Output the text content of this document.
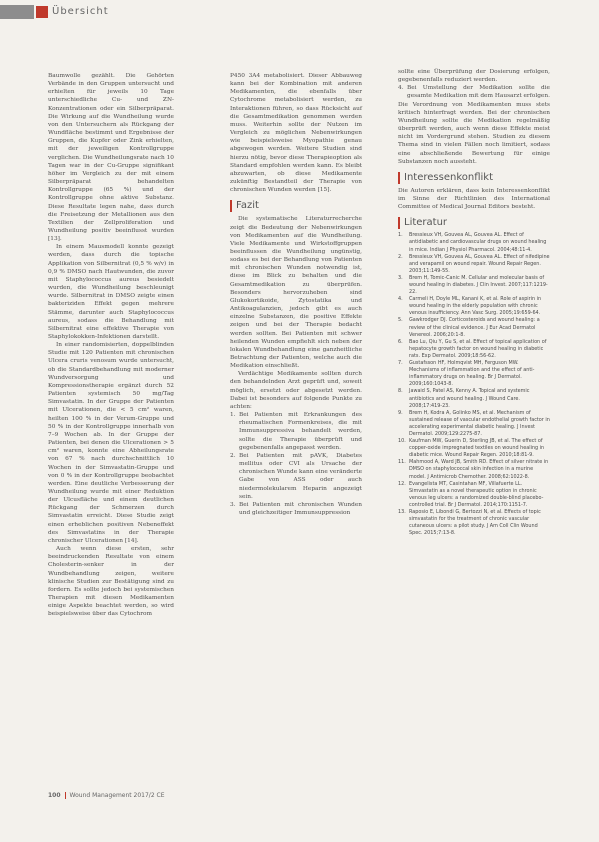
Übersicht

Baumwolle gezählt. Die Gehörten Verbände in den Gruppen untersucht und erhielten für jeweils 10 Tage unterschiedliche Cu- und ZN-Konzentrationen oder ein Silberpräparat. Die Wirkung auf die Wundheilung wurde von den Untersuchern als Rückgang der Wundfläche bestimmt und Ergebnisse der Gruppen, die Kupfer oder Zink erhielten, mit der jeweiligen Kontrollgruppe verglichen. Die Wundheilungsrate nach 10 Tagen war in der Cu-Gruppe signifikant höher im Vergleich zu der mit einem Silberpräparat behandelten Kontrollgruppe (65 %) und der Kontrollgruppe ohne aktive Substanz. Diese Resultate legen nahe, dass durch die Freisetzung der Metallionen aus den Textilien der Zellproliferation und Wundheilung positiv beeinflusst wurden [13].

In einem Mausmodell konnte gezeigt werden, dass durch die topische Applikation von Silbernitrat (0,5 % w/v) in 0,9 % DMSO nach Hautwunden, die zuvor mit Staphylococcus aureus besiedelt wurden, die Wundheilung beschleunigt wurde. Silbernitrat in DMSO zeigte einen bakteriziden Effekt gegen mehrere Stämme, darunter auch Staphylococcus aureus, sodass die Behandlung mit Silbernitrat eine effektive Therapie von Staphylokokken-Infektionen darstellt.

In einer randomisierten, doppelblinden Studie mit 120 Patienten mit chronischen Ulcera cruris venosum wurde untersucht, ob die Standardbehandlung mit moderner Wundversorgung und Kompressionstherapie ergänzt durch 52 Patienten systemisch 50 mg/Tag Simvastatin. In der Gruppe der Patienten mit Ulcerationen, die < 5 cm² waren, heilten 100 % in der Verum-Gruppe und 50 % in der Kontrollgruppe innerhalb von 7–9 Wochen ab. In der Gruppe der Patienten, bei denen die Ulcerationen > 5 cm² waren, konnte eine Abheilungsrate von 67 % nach durchschnittlich 10 Wochen in der Simvastatin-Gruppe und von 0 % in der Kontrollgruppe beobachtet werden. Eine deutliche Verbesserung der Wundheilung wurde mit einer Reduktion der Ulcusfläche und einem deutlichen Rückgang der Schmerzen durch Simvastatin erreicht. Diese Studie zeigt einen erheblichen positiven Nebeneffekt des Simvastatins in der Therapie chronischer Ulcerationen [14].

Auch wenn diese ersten, sehr beeindruckenden Resultate von einem Cholesterin-senker in der Wundbehandlung zeigen, weitere klinische Studien zur Bestätigung sind zu fordern. Es sollte jedoch bei systemischen Therapien mit diesen Medikamenten einige Aspekte beachtet werden, so wird beispielsweise über das Cytochrom

P450 3A4 metabolisiert. Dieser Abbauweg kann bei der Kombination mit anderen Medikamenten, die ebenfalls über Cytochrome metabolisiert werden, zu Interaktionen führen, so dass Rücksicht auf die Gesamtmedikation genommen werden muss. Weiterhin sollte der Nutzen im Vergleich zu möglichen Nebenwirkungen wie beispielsweise Myopathie genau abgewogen werden. Weitere Studien sind hierzu nötig, bevor diese Therapieoption als Standard empfohlen werden kann. Es bleibt abzuwarten, ob diese Medikamente zukünftig Bestandteil der Therapie von chronischen Wunden werden [15].

Fazit

Die systematische Literaturrecherche zeigt die Bedeutung der Nebenwirkungen von Medikamenten auf die Wundheilung. Viele Medikamente und Wirkstoffgruppen beeinflussen die Wundheilung ungünstig, sodass es bei der Behandlung von Patienten mit chronischen Wunden notwendig ist, diese im Blick zu behalten und die Gesamtmedikation zu überprüfen. Besonders hervorzuheben sind Glukokortikoide, Zytostatika und Antikoagulanzien, jedoch gibt es auch einzelne Substanzen, die positive Effekte zeigen und bei der Therapie bedacht werden sollten. Bei Patienten mit schwer heilenden Wunden empfiehlt sich neben der lokalen Wundbehandlung eine ganzheitliche Betrachtung der Patienten, welche auch die Medikation einschließt.

Verdächtige Medikamente sollten durch den behandelnden Arzt geprüft und, soweit möglich, ersetzt oder abgesetzt werden. Dabei ist besonders auf folgende Punkte zu achten:

1. Bei Patienten mit Erkrankungen des rheumatischen Formenkreises, die mit Immunsuppressiva behandelt werden, sollte die Therapie überprüft und gegebenenfalls angepasst werden.
2. Bei Patienten mit pAVK, Diabetes mellitus oder CVI als Ursache der chronischen Wunde kann eine veränderte Gabe von ASS oder auch niedermolekularem Heparin angezeigt sein.
3. Bei Patienten mit chronischen Wunden und gleichzeitiger Immunsuppression

sollte eine Überprüfung der Dosierung erfolgen, gegebenenfalls reduziert werden.

4. Bei Umstellung der Medikation sollte die gesamte Medikation mit dem Hausarzt erfolgen.

Die Verordnung von Medikamenten muss stets kritisch hinterfragt werden. Bei der chronischen Wundheilung sollte die Medikation regelmäßig überprüft werden, auch wenn diese Effekte meist nicht im Vordergrund stehen. Studien zu diesem Thema sind in vielen Fällen noch limitiert, sodass eine abschließende Bewertung für einige Substanzen noch aussteht.

Interessenkonflikt

Die Autoren erklären, dass kein Interessenkonflikt im Sinne der Richtlinien des International Committee of Medical Journal Editors besteht.

Literatur
1. Bressieux VH, Gouvea AL, Gouvea AL. Effect of antidiabetic and cardiovascular drugs on wound healing in mice. Indian J Physiol Pharmacol. 2004;48:11-4.
2. Bressieux VH, Gouvea AL, Gouvea AL. Effect of nifedipine and verapamil on wound repair. Wound Repair Regen. 2003;11:149-55.
3. Brem H, Tomic-Canic M. Cellular and molecular basis of wound healing in diabetes. J Clin Invest. 2007;117:1219-22.
4. Carmeli H, Doyle ML, Kanani K, et al. Role of aspirin in wound healing in the elderly population with chronic venous insufficiency. Ann Vasc Surg. 2005;19:659-64.
5. Gawkrodger DJ. Corticosteroids and wound healing: a review of the clinical evidence. J Eur Acad Dermatol Venereol. 2006;20:1-8.
6. Bao Lu, Qiu Y, Gu S, et al. Effect of topical application of hepatocyte growth factor on wound healing in diabetic rats. Exp Dermatol. 2009;18:56-62.
7. Gustafsson HF, Holmqvist MH, Ferguson MW. Mechanisms of inflammation and the effect of anti-inflammatory drugs on healing. Br J Dermatol. 2009;160:1043-8.
8. Jawaid S, Patel AS, Kenny A. Topical and systemic antibiotics and wound healing. J Wound Care. 2008;17:419-23.
9. Brem H, Kodra A, Golinko MS, et al. Mechanism of sustained release of vascular endothelial growth factor in accelerating experimental diabetic healing. J Invest Dermatol. 2009;129:2275-87.
10. Kaufman MW, Guerin D, Sterling JB, et al. The effect of copper-oxide impregnated textiles on wound healing in diabetic mice. Wound Repair Regen. 2010;18:81-9.
11. Mahmood A, Ward JB, Smith RD. Effect of silver nitrate in DMSO on staphylococcal skin infection in a murine model. J Antimicrob Chemother. 2008;62:1022-8.
12. Evangelista MT, Casintahan MF, Villafuerte LL. Simvastatin as a novel therapeutic option in chronic venous leg ulcers: a randomized double-blind placebo-controlled trial. Br J Dermatol. 2014;170:1151-7.
13. Raposio E, Libondi G, Bertozzi N, et al. Effects of topic simvastatin for the treatment of chronic vascular cutaneous ulcers: a pilot study. J Am Coll Clin Wound Spec. 2015;7:13-8.
100 Wound Management 2017/2 CE
